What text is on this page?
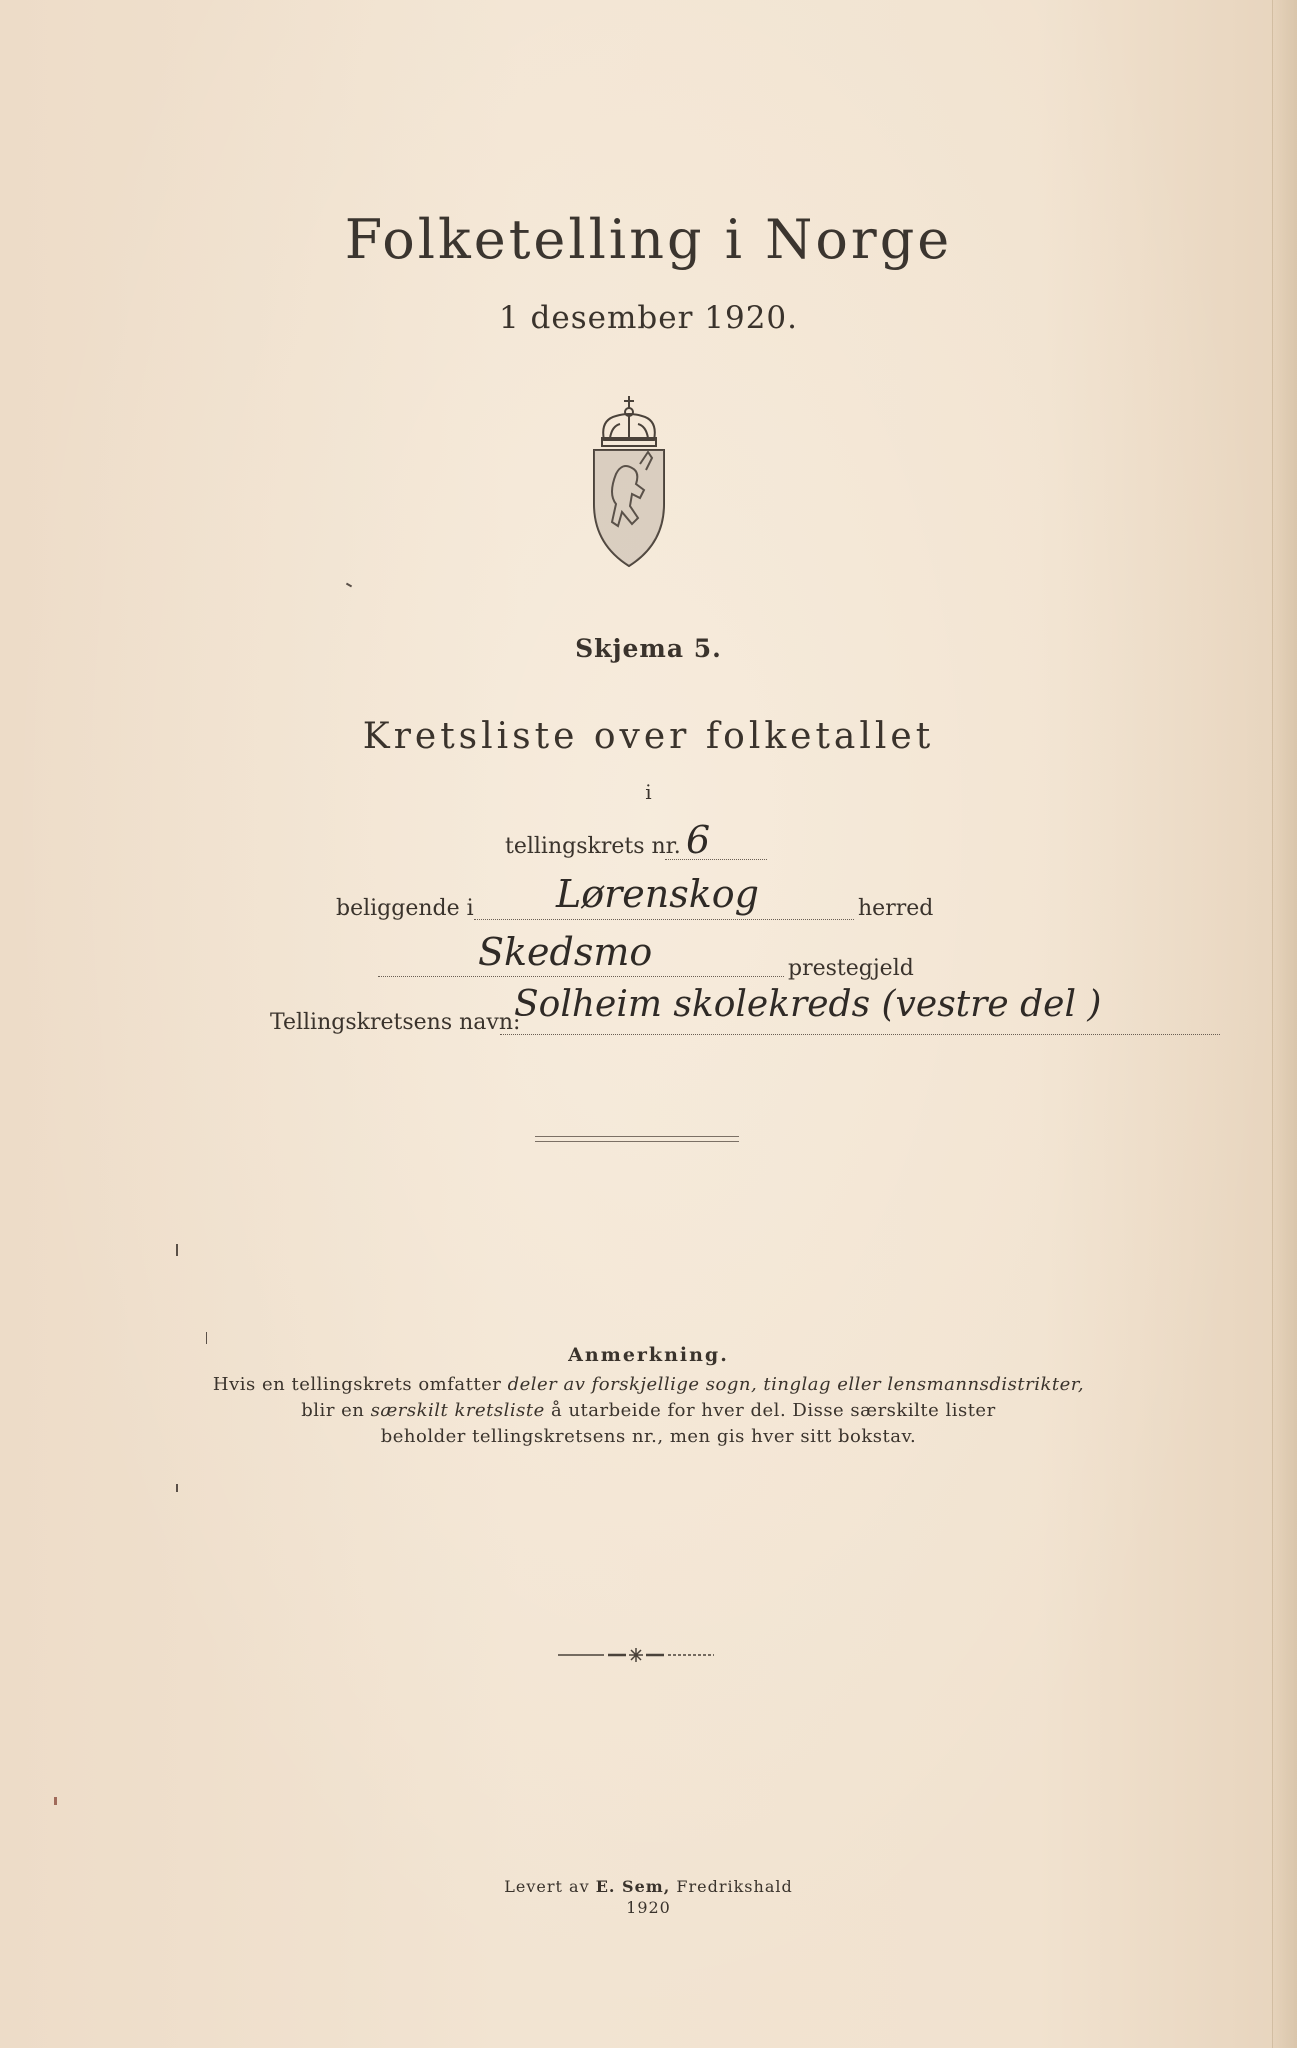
Folketelling i Norge
1 desember 1920.
Skjema 5.
Kretsliste over folketallet
i
tellingskrets nr. 6
beliggende i Lørenskog	herred
Skedsmo	prestegjeld
Tellingskretsens navn:
Solheim skolekreds (vestre del )
Anmerkning.
Hvis en tellingskrets omfatter deler av forskjellige sogn, tinglag eller lensmannsdistrikter,
blir en særskilt kretsliste å utarbeide for hver del. Disse særskilte lister
beholder tellingskretsens nr., men gis hver sitt bokstav.
Levert av E. Sem, Fredrikshald
1920
